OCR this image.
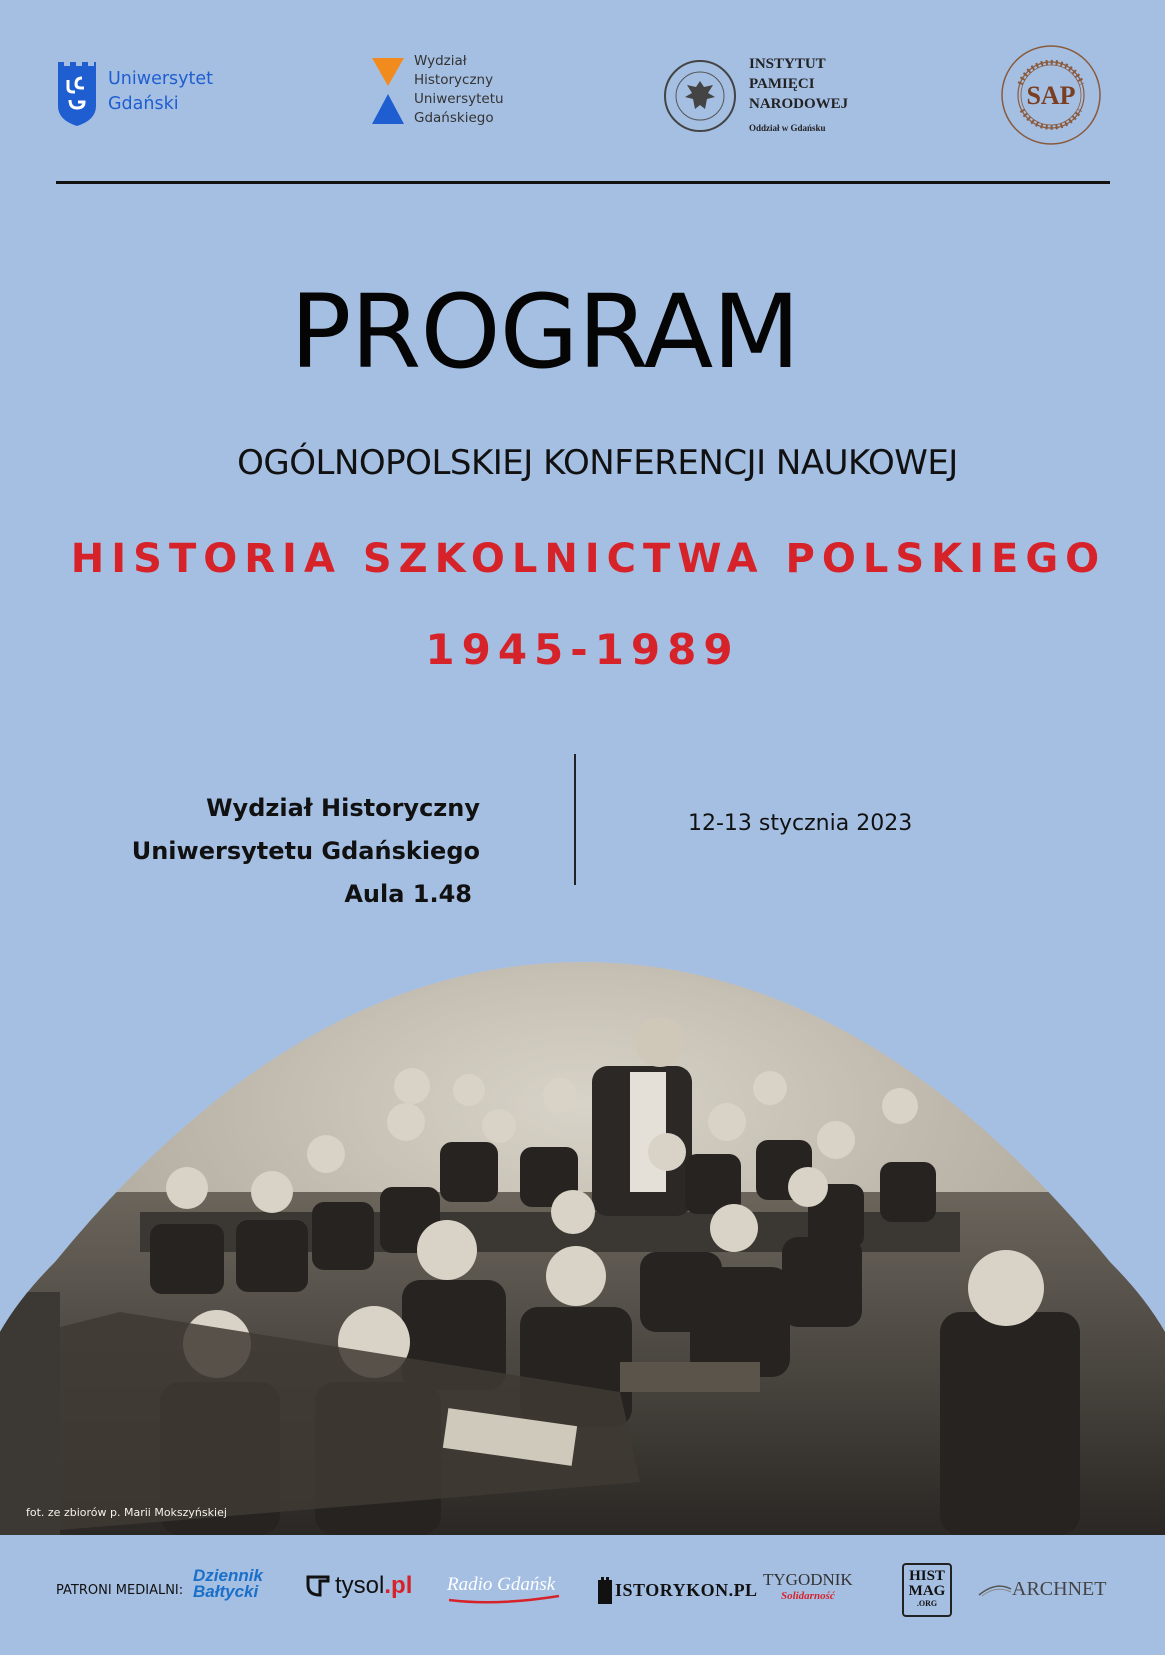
Uniwersytet
Gdański
Wydział
Historyczny
Uniwersytetu
Gdańskiego
INSTYTUT
PAMIĘCI
NARODOWEJ
Oddział w Gdańsku
SAP
PROGRAM
OGÓLNOPOLSKIEJ KONFERENCJI NAUKOWEJ
HISTORIA SZKOLNICTWA POLSKIEGO
1945-1989
Wydział Historyczny
Uniwersytetu Gdańskiego
Aula 1.48
12-13 stycznia 2023
fot. ze zbiorów p. Marii Mokszyńskiej
PATRONI MEDIALNI:
Dziennik
Bałtycki	tysol .pl Radio Gdańsk	ISTORYKON.PL TYGODNIK
Solidarność
HIST
MAG
.ORG
ARCHNET
